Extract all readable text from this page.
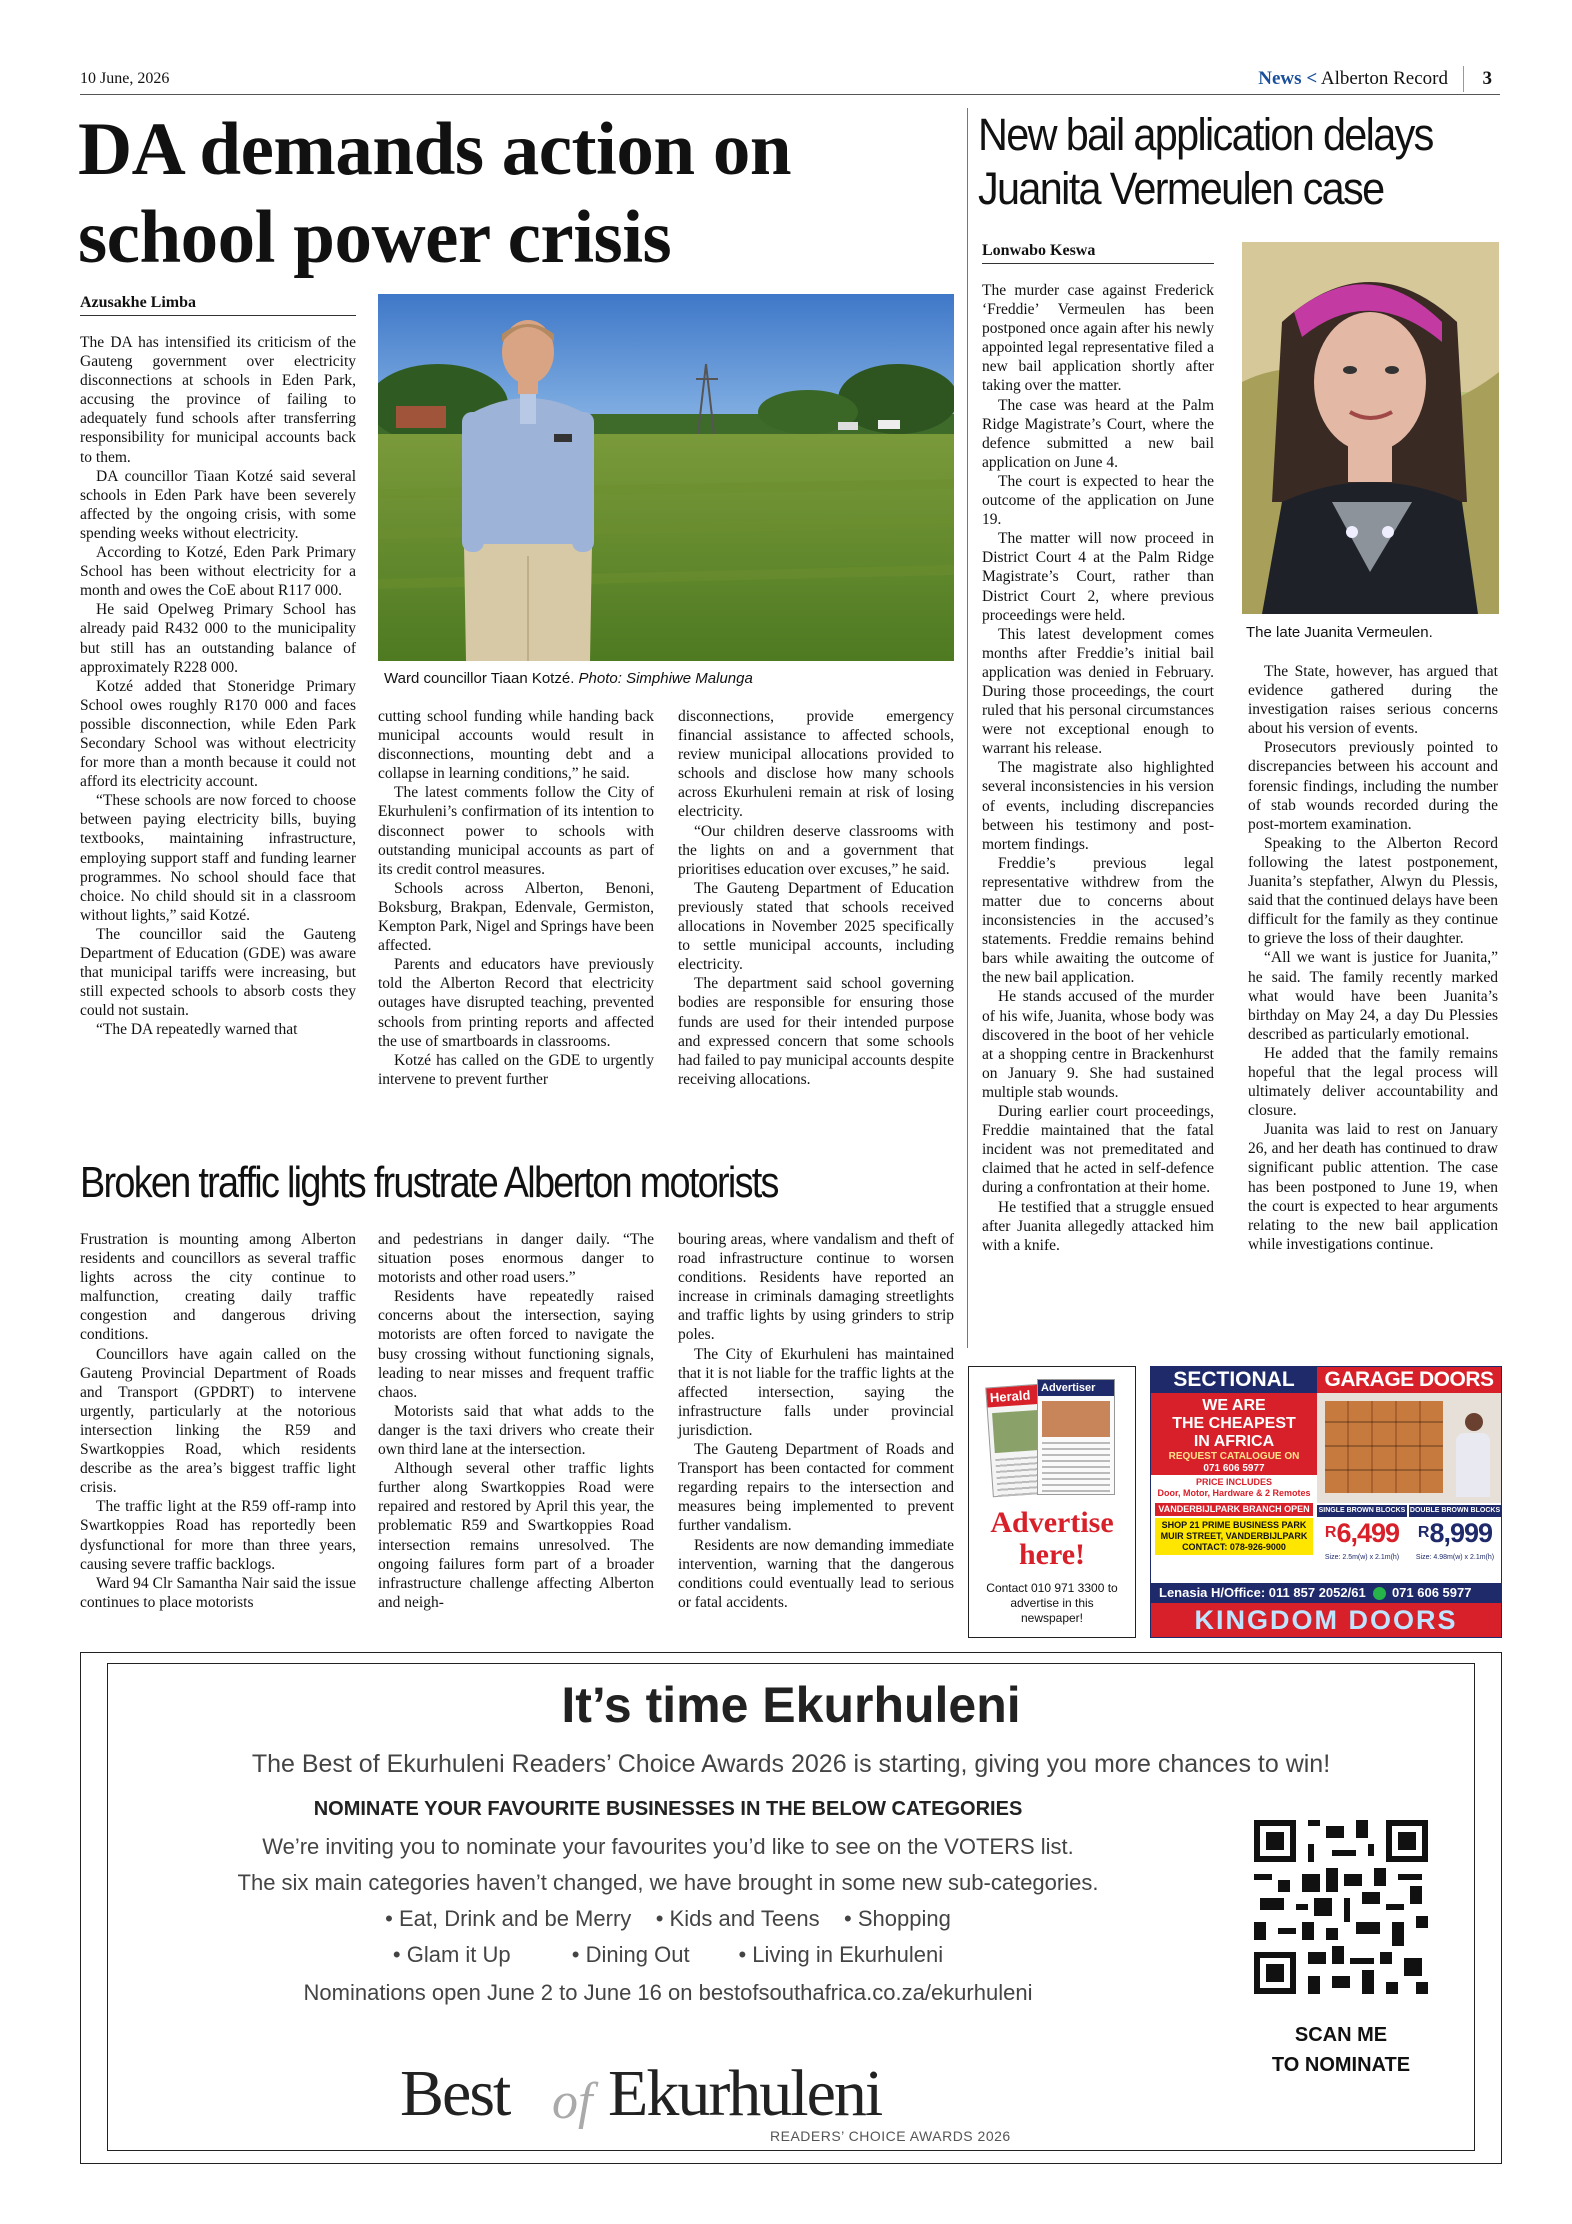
10 June, 2026	News < Alberton Record 3
DA demands action on
school power crisis
Azusakhe Limba
Ward councillor Tiaan Kotzé. Photo: Simphiwe Malunga

The DA has intensified its criticism of the Gauteng government over electricity disconnections at schools in Eden Park, accusing the province of failing to adequately fund schools after transferring responsibility for municipal accounts back to them.

DA councillor Tiaan Kotzé said several schools in Eden Park have been severely affected by the ongoing crisis, with some spending weeks without electricity.

According to Kotzé, Eden Park Primary School has been without electricity for a month and owes the CoE about R117 000.

He said Opelweg Primary School has already paid R432 000 to the municipality but still has an outstanding balance of approximately R228 000.

Kotzé added that Stoneridge Primary School owes roughly R170 000 and faces possible disconnection, while Eden Park Secondary School was without electricity for more than a month because it could not afford its electricity account.

“These schools are now forced to choose between paying electricity bills, buying textbooks, maintaining infrastructure, employing support staff and funding learner programmes. No school should face that choice. No child should sit in a classroom without lights,” said Kotzé.

The councillor said the Gauteng Department of Education (GDE) was aware that municipal tariffs were increasing, but still expected schools to absorb costs they could not sustain.

“The DA repeatedly warned that

cutting school funding while handing back municipal accounts would result in disconnections, mounting debt and a collapse in learning conditions,” he said.

The latest comments follow the City of Ekurhuleni’s confirmation of its intention to disconnect power to schools with outstanding municipal accounts as part of its credit control measures.

Schools across Alberton, Benoni, Boksburg, Brakpan, Edenvale, Germiston, Kempton Park, Nigel and Springs have been affected.

Parents and educators have previously told the Alberton Record that electricity outages have disrupted teaching, prevented schools from printing reports and affected the use of smartboards in classrooms.

Kotzé has called on the GDE to urgently intervene to prevent further

disconnections, provide emergency financial assistance to affected schools, review municipal allocations provided to schools and disclose how many schools across Ekurhuleni remain at risk of losing electricity.

“Our children deserve classrooms with the lights on and a government that prioritises education over excuses,” he said.

The Gauteng Department of Education previously stated that schools received allocations in November 2025 specifically to settle municipal accounts, including electricity.

The department said school governing bodies are responsible for ensuring those funds are used for their intended purpose and expressed concern that some schools had failed to pay municipal accounts despite receiving allocations.

New bail application delays
Juanita Vermeulen case
Lonwabo Keswa
The late Juanita Vermeulen.

The murder case against Frederick ‘Freddie’ Vermeulen has been postponed once again after his newly appointed legal representative filed a new bail application shortly after taking over the matter.

The case was heard at the Palm Ridge Magistrate’s Court, where the defence submitted a new bail application on June 4.

The court is expected to hear the outcome of the application on June 19.

The matter will now proceed in District Court 4 at the Palm Ridge Magistrate’s Court, rather than District Court 2, where previous proceedings were held.

This latest development comes months after Freddie’s initial bail application was denied in February. During those proceedings, the court ruled that his personal circumstances were not exceptional enough to warrant his release.

The magistrate also highlighted several inconsistencies in his version of events, including discrepancies between his testimony and post-mortem findings.

Freddie’s previous legal representative withdrew from the matter due to concerns about inconsistencies in the accused’s statements. Freddie remains behind bars while awaiting the outcome of the new bail application.

He stands accused of the murder of his wife, Juanita, whose body was discovered in the boot of her vehicle at a shopping centre in Brackenhurst on January 9. She had sustained multiple stab wounds.

During earlier court proceedings, Freddie maintained that the fatal incident was not premeditated and claimed that he acted in self-defence during a confrontation at their home.

He testified that a struggle ensued after Juanita allegedly attacked him with a knife.

The State, however, has argued that evidence gathered during the investigation raises serious concerns about his version of events.

Prosecutors previously pointed to discrepancies between his account and forensic findings, including the number of stab wounds recorded during the post-mortem examination.

Speaking to the Alberton Record following the latest postponement, Juanita’s stepfather, Alwyn du Plessis, said that the continued delays have been difficult for the family as they continue to grieve the loss of their daughter.

“All we want is justice for Juanita,” he said. The family recently marked what would have been Juanita’s birthday on May 24, a day Du Plessies described as particularly emotional.

He added that the family remains hopeful that the legal process will ultimately deliver accountability and closure.

Juanita was laid to rest on January 26, and her death has continued to draw significant public attention. The case has been postponed to June 19, when the court is expected to hear arguments relating to the new bail application while investigations continue.

Broken traffic lights frustrate Alberton motorists

Frustration is mounting among Alberton residents and councillors as several traffic lights across the city continue to malfunction, creating daily traffic congestion and dangerous driving conditions.

Councillors have again called on the Gauteng Provincial Department of Roads and Transport (GPDRT) to intervene urgently, particularly at the notorious intersection linking the R59 and Swartkoppies Road, which residents describe as the area’s biggest traffic light crisis.

The traffic light at the R59 off-ramp into Swartkoppies Road has reportedly been dysfunctional for more than three years, causing severe traffic backlogs.

Ward 94 Clr Samantha Nair said the issue continues to place motorists

and pedestrians in danger daily. “The situation poses enormous danger to motorists and other road users.”

Residents have repeatedly raised concerns about the intersection, saying motorists are often forced to navigate the busy crossing without functioning signals, leading to near misses and frequent traffic chaos.

Motorists said that what adds to the danger is the taxi drivers who create their own third lane at the intersection.

Although several other traffic lights further along Swartkoppies Road were repaired and restored by April this year, the problematic R59 and Swartkoppies Road intersection remains unresolved. The ongoing failures form part of a broader infrastructure challenge affecting Alberton and neigh-

bouring areas, where vandalism and theft of road infrastructure continue to worsen conditions. Residents have reported an increase in criminals damaging streetlights and traffic lights by using grinders to strip poles.

The City of Ekurhuleni has maintained that it is not liable for the traffic lights at the affected intersection, saying the infrastructure falls under provincial jurisdiction.

The Gauteng Department of Roads and Transport has been contacted for comment regarding repairs to the intersection and measures being implemented to prevent further vandalism.

Residents are now demanding immediate intervention, warning that the dangerous conditions could eventually lead to serious or fatal accidents.

Herald Advertiser
Advertise here!
Contact 010 971 3300 to advertise in this newspaper!
SECTIONAL	GARAGE DOORS
WE ARE
THE CHEAPEST
IN AFRICA
REQUEST CATALOGUE ON
071 606 5977
PRICE INCLUDES
Door, Motor, Hardware & 2 Remotes
VANDERBIJLPARK BRANCH OPEN
SHOP 21 PRIME BUSINESS PARK
MUIR STREET, VANDERBIJLPARK
CONTACT: 078-926-9000
SINGLE BROWN BLOCKS
R6,499
Size: 2.5m(w) x 2.1m(h)
DOUBLE BROWN BLOCKS
R8,999
Size: 4.98m(w) x 2.1m(h)
Lenasia H/Office: 011 857 2052/61 071 606 5977
KINGDOM DOORS
It’s time Ekurhuleni
The Best of Ekurhuleni Readers’ Choice Awards 2026 is starting, giving you more chances to win!
NOMINATE YOUR FAVOURITE BUSINESSES IN THE BELOW CATEGORIES
We’re inviting you to nominate your favourites you’d like to see on the VOTERS list.
The six main categories haven’t changed, we have brought in some new sub-categories.
• Eat, Drink and be Merry • Kids and Teens • Shopping
• Glam it Up	• Dining Out • Living in Ekurhuleni
Nominations open June 2 to June 16 on bestofsouthafrica.co.za/ekurhuleni
Best of Ekurhuleni
READERS’ CHOICE AWARDS 2026
SCAN ME
TO NOMINATE
